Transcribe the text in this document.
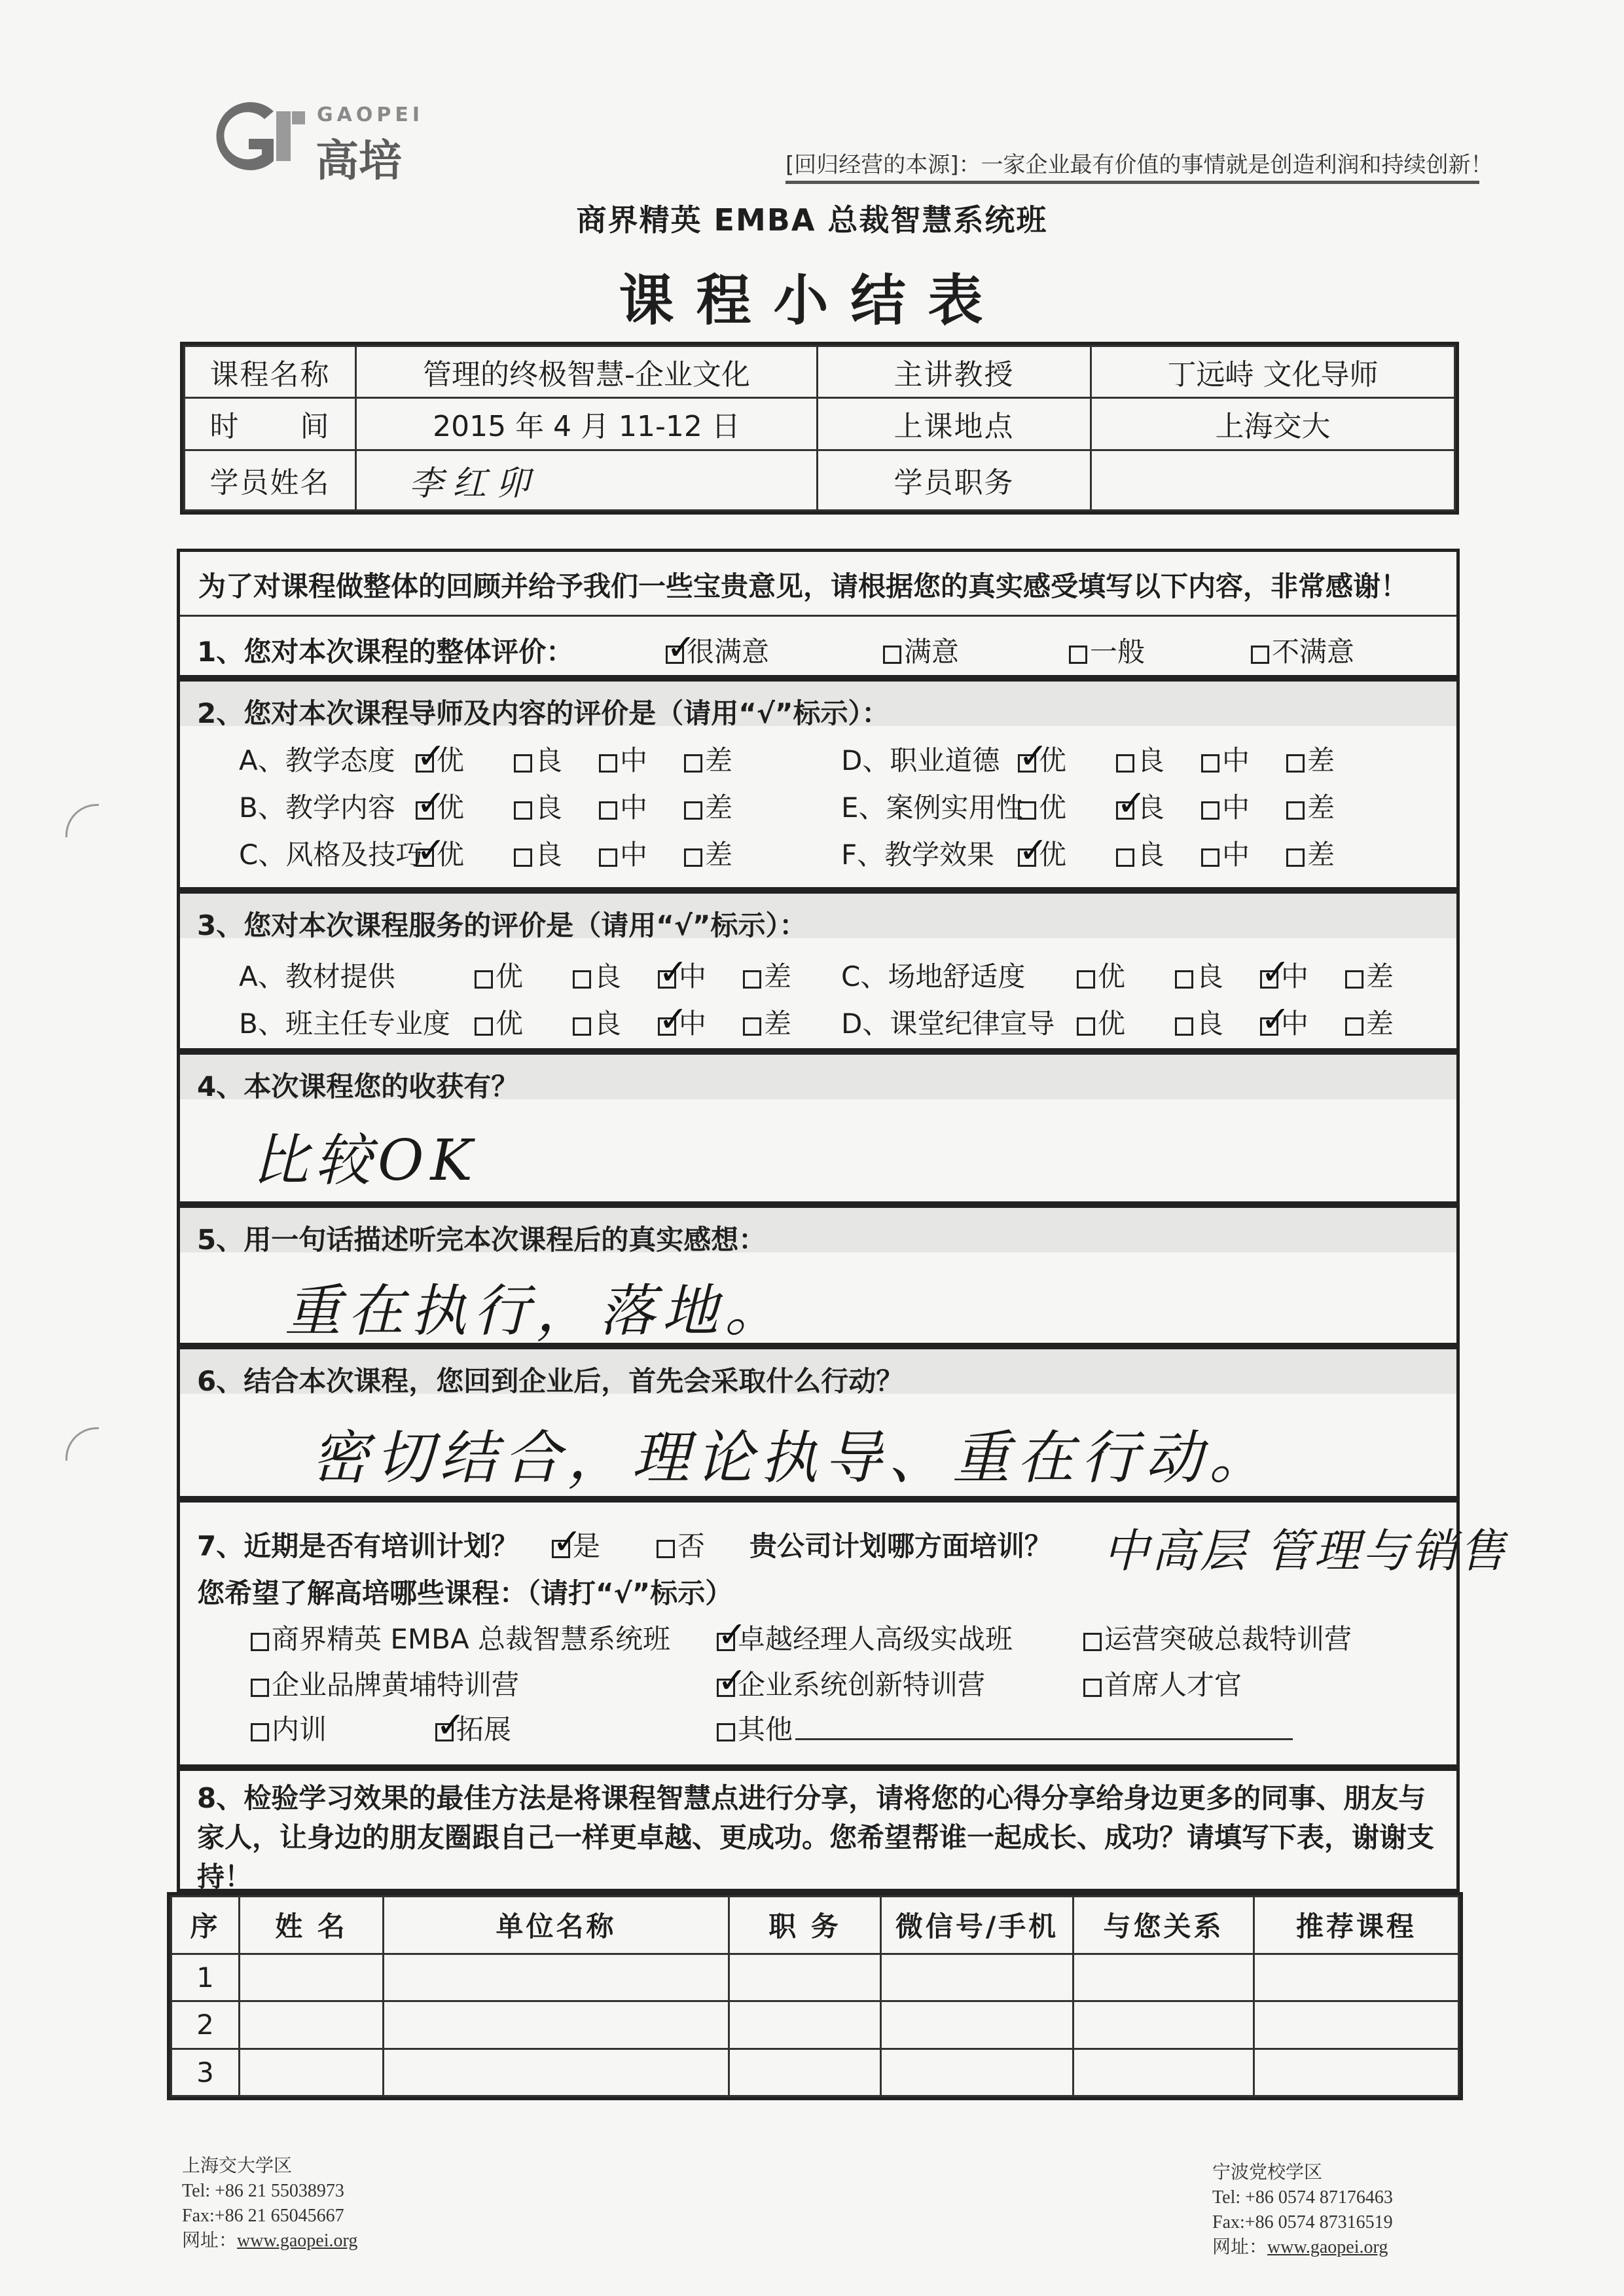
GAOPEI
高培	[回归经营的本源]：一家企业最有价值的事情就是创造利润和持续创新！
商界精英 EMBA 总裁智慧系统班
课程小结表
课程名称	管理的终极智慧-企业文化	主讲教授	丁远峙 文化导师
时　　间	2015 年 4 月 11-12 日	上课地点	上海交大
学员姓名	李红卯	学员职务	
为了对课程做整体的回顾并给予我们一些宝贵意见，请根据您的真实感受填写以下内容，非常感谢！
1、您对本次课程的整体评价： ✓	很满意	满意	一般	不满意
2、您对本次课程导师及内容的评价是（请用“√”标示）：
A、教学态度 ✓	优	良	中	差
B、教学内容 ✓	优	良	中	差
C、风格及技巧 ✓ 优	良	中	差
D、职业道德 ✓	优	良	中	差
E、案例实用性 优 ✓	良	中	差
F、教学效果 ✓	优	良	中	差
3、您对本次课程服务的评价是（请用“√”标示）：
A、教材提供	优	良 ✓	中	差
B、班主任专业度	优	良 ✓	中	差
C、场地舒适度	优	良 ✓	中	差
D、课堂纪律宣导	优	良 ✓	中	差
4、本次课程您的收获有？
比较OK
5、用一句话描述听完本次课程后的真实感想：
重在执行，落地。
6、结合本次课程，您回到企业后，首先会采取什么行动？
密切结合，理论执导、重在行动。
7、近期是否有培训计划？ ✓	是	否 贵公司计划哪方面培训？ 中高层 管理与销售
您希望了解高培哪些课程：（请打“√”标示）
商界精英 EMBA 总裁智慧系统班 ✓	卓越经理人高级实战班	运营突破总裁特训营
企业品牌黄埔特训营 ✓	企业系统创新特训营	首席人才官
内训 ✓	拓展	其他
8、检验学习效果的最佳方法是将课程智慧点进行分享，请将您的心得分享给身边更多的同事、朋友与家人，让身边的朋友圈跟自己一样更卓越、更成功。您希望帮谁一起成长、成功？请填写下表，谢谢支持！
序	姓 名	单位名称	职 务	微信号/手机	与您关系	推荐课程
1						
2						
3						
上海交大学区
Tel: +86 21 55038973
Fax:+86 21 65045667
网址：www.gaopei.org
宁波党校学区
Tel: +86 0574 87176463
Fax:+86 0574 87316519
网址：www.gaopei.org
